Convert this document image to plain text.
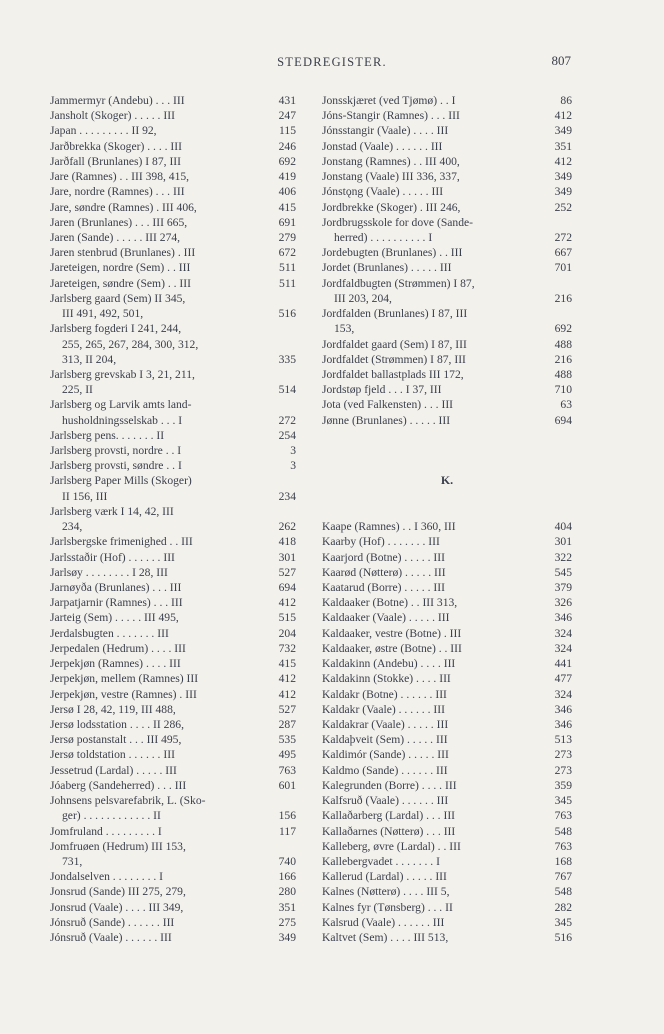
STEDREGISTER.	807
Jammermyr (Andebu) . . . III	431
Jansholt (Skoger) . . . . . III	247
Japan . . . . . . . . . II 92,	115
Jarðbrekka (Skoger) . . . . III	246
Jarðfall (Brunlanes) I 87, III	692
Jare (Ramnes) . . III 398, 415,	419
Jare, nordre (Ramnes) . . . III	406
Jare, søndre (Ramnes) . III 406,	415
Jaren (Brunlanes) . . . III 665,	691
Jaren (Sande) . . . . . III 274,	279
Jaren stenbrud (Brunlanes) . III	672
Jareteigen, nordre (Sem) . . III	511
Jareteigen, søndre (Sem) . . III	511
Jarlsberg gaard (Sem) II 345,
III 491, 492, 501,	516
Jarlsberg fogderi I 241, 244,
255, 265, 267, 284, 300, 312,
313, II 204,	335
Jarlsberg grevskab I 3, 21, 211,
225, II	514
Jarlsberg og Larvik amts land-
husholdningsselskab . . . I	272
Jarlsberg pens. . . . . . . II	254
Jarlsberg provsti, nordre . . I	3
Jarlsberg provsti, søndre . . I	3
Jarlsberg Paper Mills (Skoger)
II 156, III	234
Jarlsberg værk I 14, 42, III
234,	262
Jarlsbergske frimenighed . . III	418
Jarlsstaðir (Hof) . . . . . . III	301
Jarlsøy . . . . . . . . I 28, III	527
Jarnøyða (Brunlanes) . . . III	694
Jarpatjarnir (Ramnes) . . . III	412
Jarteig (Sem) . . . . . III 495,	515
Jerdalsbugten . . . . . . . III	204
Jerpedalen (Hedrum) . . . . III	732
Jerpekjøn (Ramnes) . . . . III	415
Jerpekjøn, mellem (Ramnes) III	412
Jerpekjøn, vestre (Ramnes) . III	412
Jersø I 28, 42, 119, III 488,	527
Jersø lodsstation . . . . II 286,	287
Jersø postanstalt . . . III 495,	535
Jersø toldstation . . . . . . III	495
Jessetrud (Lardal) . . . . . III	763
Jóaberg (Sandeherred) . . . III	601
Johnsens pelsvarefabrik, L. (Sko-
ger) . . . . . . . . . . . . II	156
Jomfruland . . . . . . . . . I	117
Jomfruøen (Hedrum) III 153,
731,	740
Jondalselven . . . . . . . . I	166
Jonsrud (Sande) III 275, 279,	280
Jonsrud (Vaale) . . . . III 349,	351
Jónsruð (Sande) . . . . . . III	275
Jónsruð (Vaale) . . . . . . III	349
Jonsskjæret (ved Tjømø) . . I	86
Jóns-Stangir (Ramnes) . . . III	412
Jónsstangir (Vaale) . . . . III	349
Jonstad (Vaale) . . . . . . III	351
Jonstang (Ramnes) . . III 400,	412
Jonstang (Vaale) III 336, 337,	349
Jónstǫng (Vaale) . . . . . III	349
Jordbrekke (Skoger) . III 246,	252
Jordbrugsskole for dove (Sande-
herred) . . . . . . . . . . I	272
Jordebugten (Brunlanes) . . III	667
Jordet (Brunlanes) . . . . . III	701
Jordfaldbugten (Strømmen) I 87,
III 203, 204,	216
Jordfalden (Brunlanes) I 87, III
153,	692
Jordfaldet gaard (Sem) I 87, III	488
Jordfaldet (Strømmen) I 87, III	216
Jordfaldet ballastplads III 172,	488
Jordstøp fjeld . . . I 37, III	710
Jota (ved Falkensten) . . . III	63
Jønne (Brunlanes) . . . . . III	694
K.
Kaape (Ramnes) . . I 360, III	404
Kaarby (Hof) . . . . . . . III	301
Kaarjord (Botne) . . . . . III	322
Kaarød (Nøtterø) . . . . . III	545
Kaatarud (Borre) . . . . . III	379
Kaldaaker (Botne) . . III 313,	326
Kaldaaker (Vaale) . . . . . III	346
Kaldaaker, vestre (Botne) . III	324
Kaldaaker, østre (Botne) . . III	324
Kaldakinn (Andebu) . . . . III	441
Kaldakinn (Stokke) . . . . III	477
Kaldakr (Botne) . . . . . . III	324
Kaldakr (Vaale) . . . . . . III	346
Kaldakrar (Vaale) . . . . . III	346
Kaldaþveit (Sem) . . . . . III	513
Kaldimór (Sande) . . . . . III	273
Kaldmo (Sande) . . . . . . III	273
Kalegrunden (Borre) . . . . III	359
Kalfsruð (Vaale) . . . . . . III	345
Kallaðarberg (Lardal) . . . III	763
Kallaðarnes (Nøtterø) . . . III	548
Kalleberg, øvre (Lardal) . . III	763
Kallebergvadet . . . . . . . I	168
Kallerud (Lardal) . . . . . III	767
Kalnes (Nøtterø) . . . . III 5,	548
Kalnes fyr (Tønsberg) . . . II	282
Kalsrud (Vaale) . . . . . . III	345
Kaltvet (Sem) . . . . III 513,	516
